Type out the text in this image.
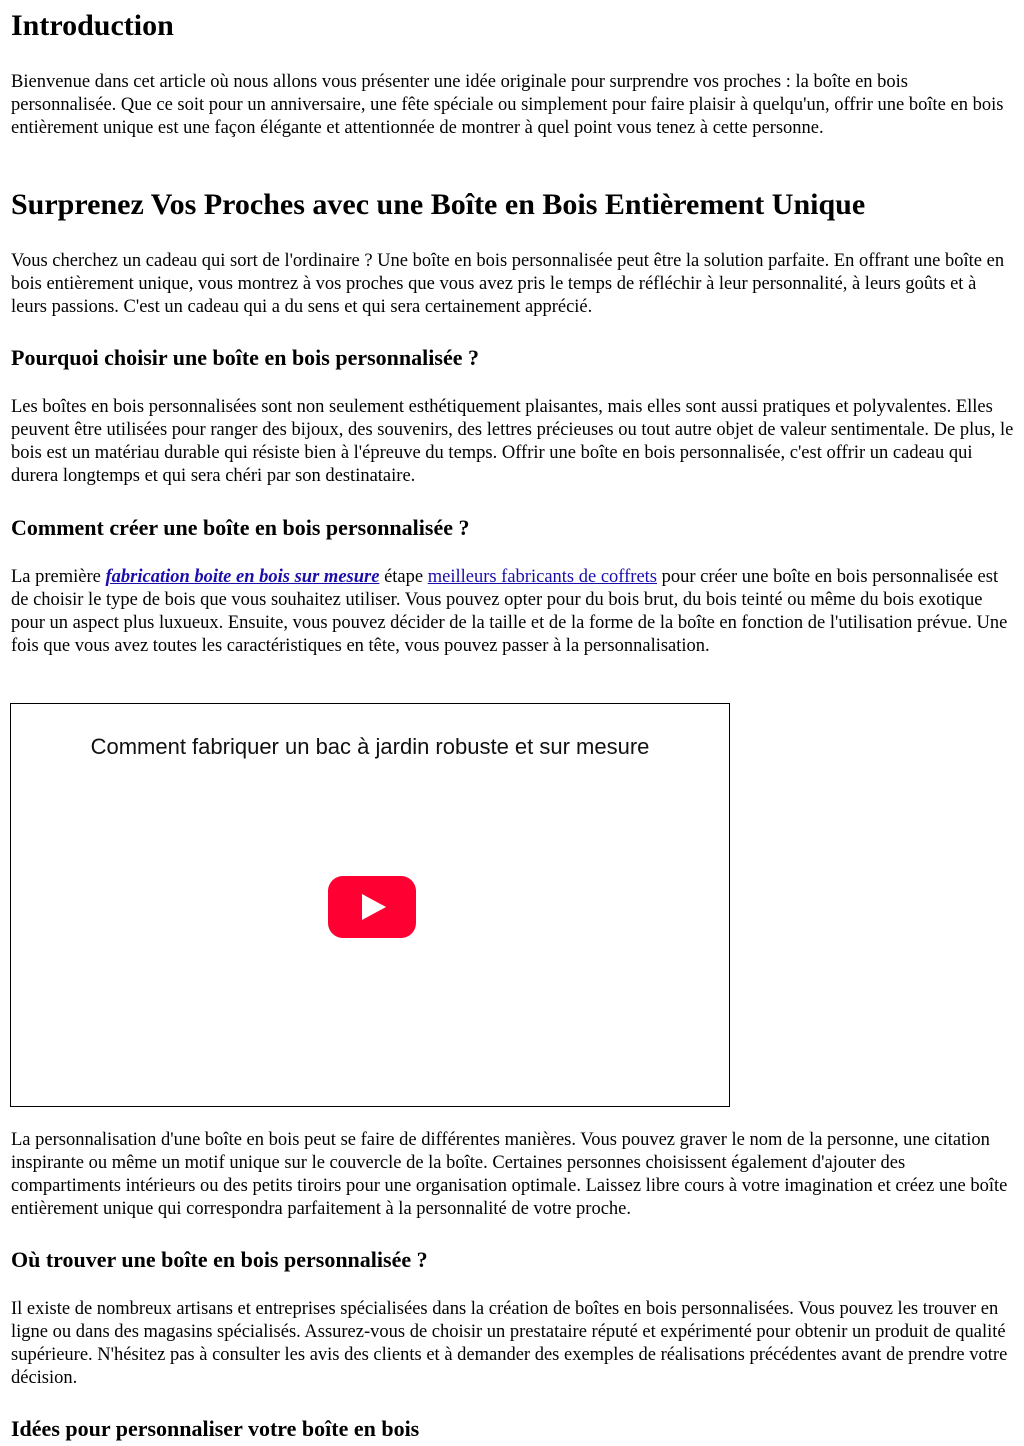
Introduction

Bienvenue dans cet article où nous allons vous présenter une idée originale pour surprendre vos proches : la boîte en bois personnalisée. Que ce soit pour un anniversaire, une fête spéciale ou simplement pour faire plaisir à quelqu'un, offrir une boîte en bois entièrement unique est une façon élégante et attentionnée de montrer à quel point vous tenez à cette personne.

Surprenez Vos Proches avec une Boîte en Bois Entièrement Unique

Vous cherchez un cadeau qui sort de l'ordinaire ? Une boîte en bois personnalisée peut être la solution parfaite. En offrant une boîte en bois entièrement unique, vous montrez à vos proches que vous avez pris le temps de réfléchir à leur personnalité, à leurs goûts et à leurs passions. C'est un cadeau qui a du sens et qui sera certainement apprécié.

Pourquoi choisir une boîte en bois personnalisée ?

Les boîtes en bois personnalisées sont non seulement esthétiquement plaisantes, mais elles sont aussi pratiques et polyvalentes. Elles peuvent être utilisées pour ranger des bijoux, des souvenirs, des lettres précieuses ou tout autre objet de valeur sentimentale. De plus, le bois est un matériau durable qui résiste bien à l'épreuve du temps. Offrir une boîte en bois personnalisée, c'est offrir un cadeau qui durera longtemps et qui sera chéri par son destinataire.

Comment créer une boîte en bois personnalisée ?

La première fabrication boite en bois sur mesure étape meilleurs fabricants de coffrets pour créer une boîte en bois personnalisée est de choisir le type de bois que vous souhaitez utiliser. Vous pouvez opter pour du bois brut, du bois teinté ou même du bois exotique pour un aspect plus luxueux. Ensuite, vous pouvez décider de la taille et de la forme de la boîte en fonction de l'utilisation prévue. Une fois que vous avez toutes les caractéristiques en tête, vous pouvez passer à la personnalisation.

Comment fabriquer un bac à jardin robuste et sur mesure

La personnalisation d'une boîte en bois peut se faire de différentes manières. Vous pouvez graver le nom de la personne, une citation inspirante ou même un motif unique sur le couvercle de la boîte. Certaines personnes choisissent également d'ajouter des compartiments intérieurs ou des petits tiroirs pour une organisation optimale. Laissez libre cours à votre imagination et créez une boîte entièrement unique qui correspondra parfaitement à la personnalité de votre proche.

Où trouver une boîte en bois personnalisée ?

Il existe de nombreux artisans et entreprises spécialisées dans la création de boîtes en bois personnalisées. Vous pouvez les trouver en ligne ou dans des magasins spécialisés. Assurez-vous de choisir un prestataire réputé et expérimenté pour obtenir un produit de qualité supérieure. N'hésitez pas à consulter les avis des clients et à demander des exemples de réalisations précédentes avant de prendre votre décision.

Idées pour personnaliser votre boîte en bois
